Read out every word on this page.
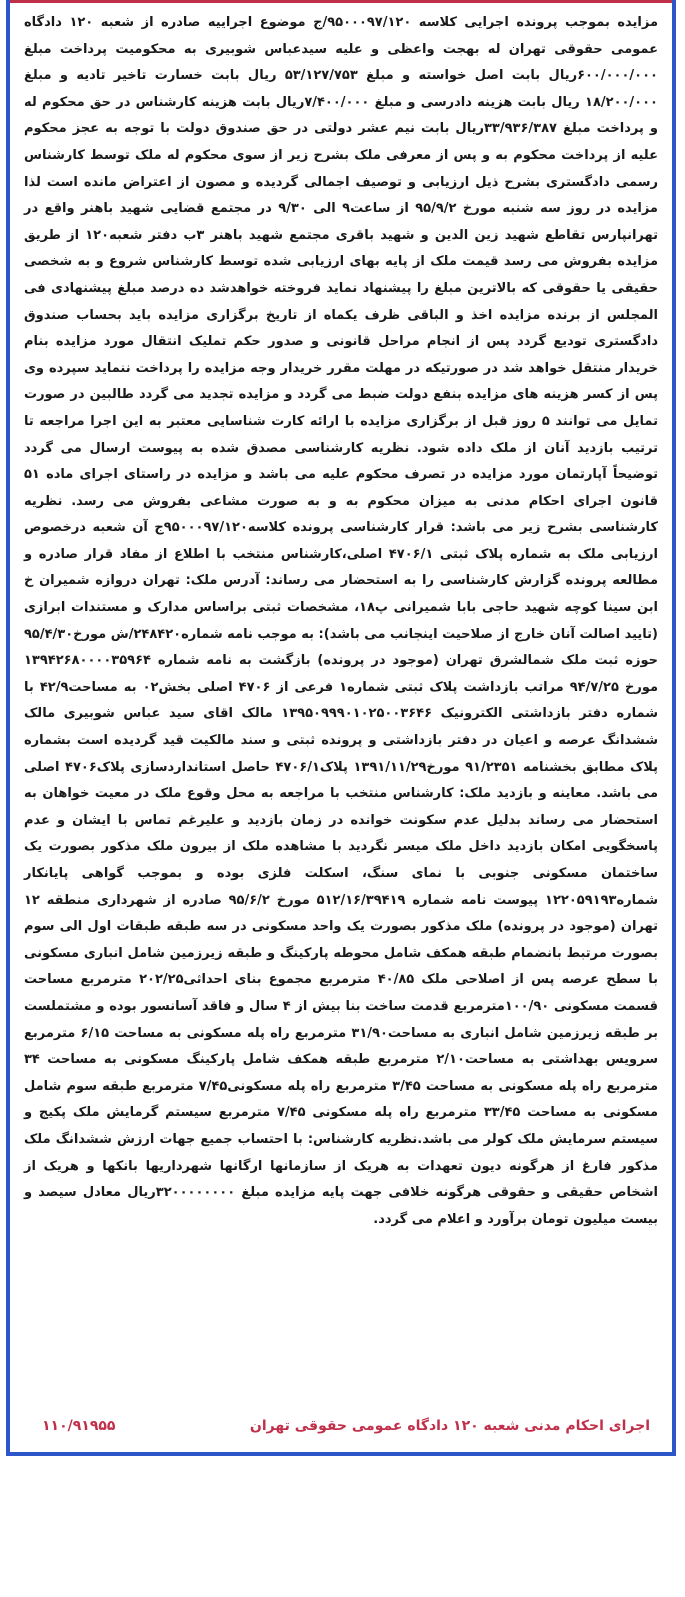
مزایده بموجب پرونده اجرایی کلاسه ۹۵۰۰۰۹۷/۱۲۰/ج موضوع اجراییه صادره از شعبه ۱۲۰ دادگاه عمومی حقوقی تهران له بهجت واعظی و علیه سیدعباس شوبیری به محکومیت پرداخت مبلغ ۶۰۰/۰۰۰/۰۰۰ریال بابت اصل خواسته و مبلغ ۵۳/۱۲۷/۷۵۳ ریال بابت خسارت تاخیر تادیه و مبلغ ۱۸/۲۰۰/۰۰۰ ریال بابت هزینه دادرسی و مبلغ ۷/۴۰۰/۰۰۰ریال بابت هزینه کارشناس در حق محکوم له و پرداخت مبلغ ۳۳/۹۳۶/۳۸۷ریال بابت نیم عشر دولتی در حق صندوق دولت با توجه به عجز محکوم علیه از پرداخت محکوم به و پس از معرفی ملک بشرح زیر از سوی محکوم له ملک توسط کارشناس رسمی دادگستری بشرح ذیل ارزیابی و توصیف اجمالی گردیده و مصون از اعتراض مانده است لذا مزایده در روز سه شنبه مورخ ۹۵/۹/۲ از ساعت۹ الی ۹/۳۰ در مجتمع قضایی شهید باهنر واقع در تهرانپارس تقاطع شهید زین الدین و شهید باقری مجتمع شهید باهنر ۳ب دفتر شعبه۱۲۰ از طریق مزایده بفروش می رسد قیمت ملک از پایه بهای ارزیابی شده توسط کارشناس شروع و به شخصی حقیقی یا حقوقی که بالاترین مبلغ را پیشنهاد نماید فروخته خواهدشد ده درصد مبلغ پیشنهادی فی المجلس از برنده مزایده اخذ و الباقی ظرف یکماه از تاریخ برگزاری مزایده باید بحساب صندوق دادگستری تودیع گردد پس از انجام مراحل قانونی و صدور حکم تملیک انتقال مورد مزایده بنام خریدار منتقل خواهد شد در صورتیکه در مهلت مقرر خریدار وجه مزایده را پرداخت ننماید سپرده وی پس از کسر هزینه های مزایده بنفع دولت ضبط می گردد و مزایده تجدید می گردد طالبین در صورت تمایل می توانند ۵ روز قبل از برگزاری مزایده با ارائه کارت شناسایی معتبر به این اجرا مراجعه تا ترتیب بازدید آنان از ملک داده شود. نظریه کارشناسی مصدق شده به پیوست ارسال می گردد توضیحاً آپارتمان مورد مزایده در تصرف محکوم علیه می باشد و مزایده در راستای اجرای ماده ۵۱ قانون اجرای احکام مدنی به میزان محکوم به و به صورت مشاعی بفروش می رسد. نظریه کارشناسی بشرح زیر می باشد: قرار کارشناسی پرونده کلاسه۹۵۰۰۰۹۷/۱۲۰ج آن شعبه درخصوص ارزیابی ملک به شماره پلاک ثبتی ۴۷۰۶/۱ اصلی،کارشناس منتخب با اطلاع از مفاد قرار صادره و مطالعه پرونده گزارش کارشناسی را به استحضار می رساند: آدرس ملک: تهران دروازه شمیران خ ابن سینا کوچه شهید حاجی بابا شمیرانی پ۱۸، مشخصات ثبتی براساس مدارک و مستندات ابرازی (تایید اصالت آنان خارج از صلاحیت اینجانب می باشد): به موجب نامه شماره۲۴۸۴۲۰/ش مورخ۹۵/۴/۳۰ حوزه ثبت ملک شمالشرق تهران (موجود در پرونده) بازگشت به نامه شماره ۱۳۹۴۲۶۸۰۰۰۰۳۵۹۶۴ مورخ ۹۴/۷/۲۵ مراتب بازداشت پلاک ثبتی شماره۱ فرعی از ۴۷۰۶ اصلی بخش۰۲ به مساحت۴۲/۹ با شماره دفتر بازداشتی الکترونیک ۱۳۹۵۰۹۹۹۰۱۰۲۵۰۰۳۶۴۶ مالک اقای سید عباس شوبیری مالک ششدانگ عرصه و اعیان در دفتر بازداشتی و پرونده ثبتی و سند مالکیت قید گردیده است بشماره پلاک مطابق بخشنامه ۹۱/۲۳۵۱ مورخ۱۳۹۱/۱۱/۲۹ پلاک۴۷۰۶/۱ حاصل استانداردسازی پلاک۴۷۰۶ اصلی می باشد. معاینه و بازدید ملک: کارشناس منتخب با مراجعه به محل وقوع ملک در معیت خواهان به استحضار می رساند بدلیل عدم سکونت خوانده در زمان بازدید و علیرغم تماس با ایشان و عدم پاسخگویی امکان بازدید داخل ملک میسر نگردید با مشاهده ملک از بیرون ملک مذکور بصورت یک ساختمان مسکونی جنوبی با نمای سنگ، اسکلت فلزی بوده و بموجب گواهی پایانکار شماره۱۲۲۰۵۹۱۹۳ پیوست نامه شماره ۵۱۲/۱۶/۳۹۴۱۹ مورخ ۹۵/۶/۲ صادره از شهرداری منطقه ۱۲ تهران (موجود در پرونده) ملک مذکور بصورت یک واحد مسکونی در سه طبقه طبقات اول الی سوم بصورت مرتبط بانضمام طبقه همکف شامل محوطه پارکینگ و طبقه زیرزمین شامل انباری مسکونی با سطح عرصه پس از اصلاحی ملک ۴۰/۸۵ مترمربع مجموع بنای احداثی۲۰۲/۲۵ مترمربع مساحت قسمت مسکونی ۱۰۰/۹۰مترمربع قدمت ساخت بنا بیش از ۴ سال و فاقد آسانسور بوده و مشتملست بر طبقه زیرزمین شامل انباری به مساحت۳۱/۹۰ مترمربع راه پله مسکونی به مساحت ۶/۱۵ مترمربع سرویس بهداشتی به مساحت۲/۱۰ مترمربع طبقه همکف شامل پارکینگ مسکونی به مساحت ۳۴ مترمربع راه پله مسکونی به مساحت ۳/۴۵ مترمربع راه پله مسکونی۷/۴۵ مترمربع طبقه سوم شامل مسکونی به مساحت ۳۳/۴۵ مترمربع راه پله مسکونی ۷/۴۵ مترمربع سیستم گرمایش ملک پکیج و سیستم سرمایش ملک کولر می باشد.نظریه کارشناس: با احتساب جمیع جهات ارزش ششدانگ ملک مذکور فارغ از هرگونه دیون تعهدات به هریک از سازمانها ارگانها شهرداریها بانکها و هریک از اشخاص حقیقی و حقوقی هرگونه خلافی جهت پایه مزایده مبلغ ۳۲۰۰۰۰۰۰۰۰ریال معادل سیصد و بیست میلیون تومان برآورد و اعلام می گردد.

اجرای احکام مدنی شعبه ۱۲۰ دادگاه عمومی حقوقی تهران
۱۱۰/۹۱۹۵۵
